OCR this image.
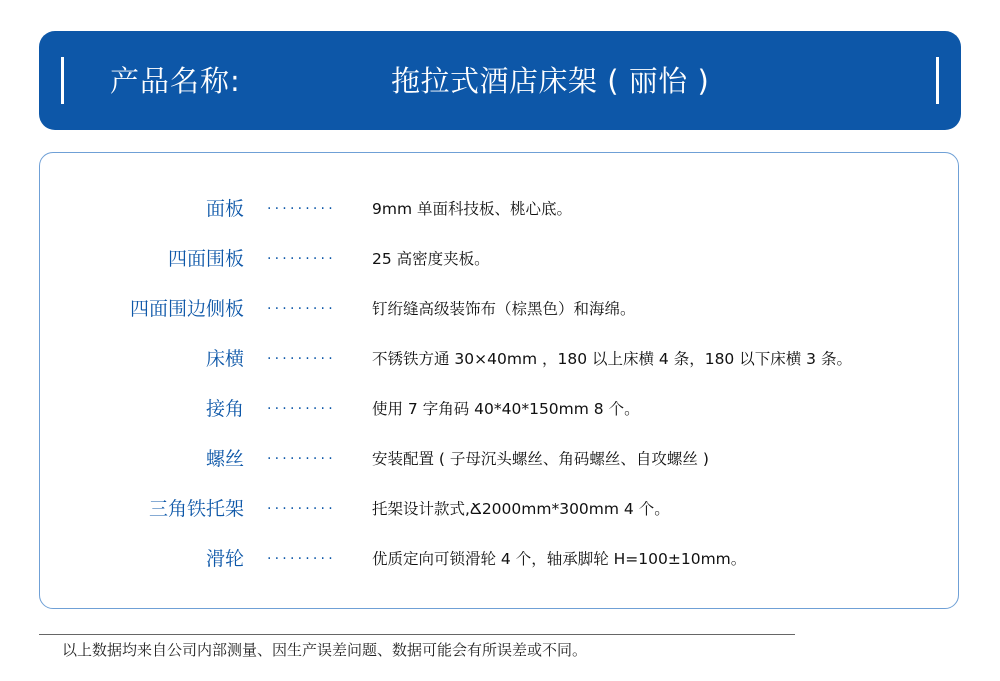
产品名称:	拖拉式酒店床架 ( 丽怡 )
面板 ········· 9mm 单面科技板、桃心底。
四面围板 ········· 25 高密度夹板。
四面围边侧板 ········· 钉绗缝高级装饰布（棕黑色）和海绵。
床横 ········· 不锈铁方通 30×40mm ，180 以上床横 4 条，180 以下床横 3 条。
接角 ········· 使用 7 字角码 40*40*150mm 8 个。
螺丝 ········· 安装配置 ( 子母沉头螺丝、角码螺丝、自攻螺丝 )
三角铁托架 ········· 托架设计款式,Ճ2000mm*300mm 4 个。
滑轮 ········· 优质定向可锁滑轮 4 个，轴承脚轮 H=100±10mm。
以上数据均来自公司内部测量、因生产误差问题、数据可能会有所误差或不同。
